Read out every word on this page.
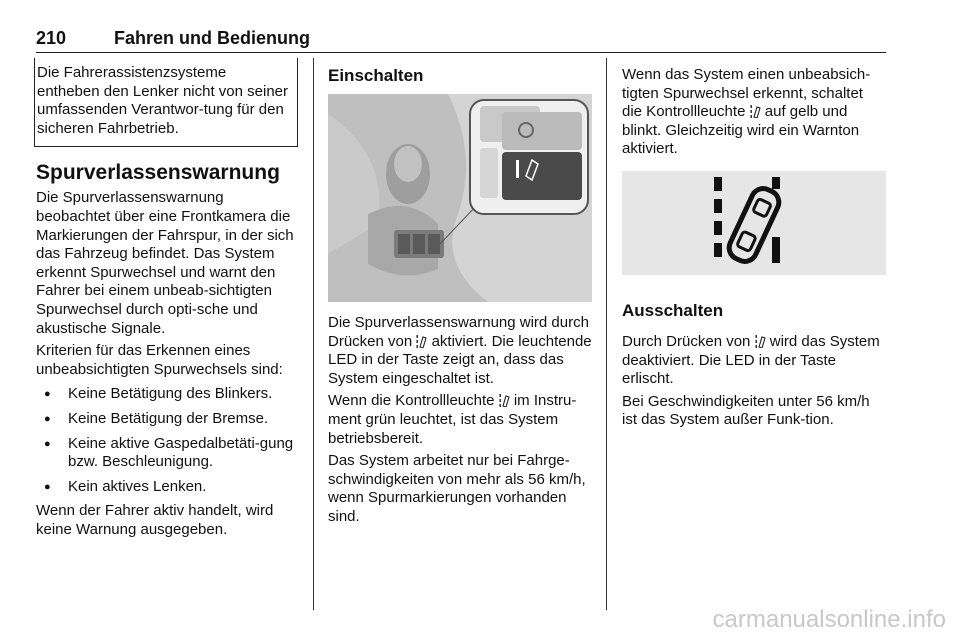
210	Fahren und Bedienung
Die Fahrerassistenzsysteme entheben den Lenker nicht von seiner umfassenden Verantwor-tung für den sicheren Fahrbetrieb.
Spurverlassenswarnung

Die Spurverlassenswarnung beobachtet über eine Frontkamera die Markierungen der Fahrspur, in der sich das Fahrzeug befindet. Das System erkennt Spurwechsel und warnt den Fahrer bei einem unbeab-sichtigten Spurwechsel durch opti-sche und akustische Signale.

Kriterien für das Erkennen eines unbeabsichtigten Spurwechsels sind:

● Keine Betätigung des Blinkers.
● Keine Betätigung der Bremse.
● Keine aktive Gaspedalbetäti-gung bzw. Beschleunigung.
● Kein aktives Lenken.

Wenn der Fahrer aktiv handelt, wird keine Warnung ausgegeben.

Einschalten

Die Spurverlassenswarnung wird durch Drücken von aktiviert. Die leuchtende LED in der Taste zeigt an, dass das System eingeschaltet ist.

Wenn die Kontrollleuchte im Instru-ment grün leuchtet, ist das System betriebsbereit.

Das System arbeitet nur bei Fahrge-schwindigkeiten von mehr als 56 km/h, wenn Spurmarkierungen vorhanden sind.

Wenn das System einen unbeabsich-tigten Spurwechsel erkennt, schaltet die Kontrollleuchte auf gelb und blinkt. Gleichzeitig wird ein Warnton aktiviert.

Ausschalten

Durch Drücken von wird das System deaktiviert. Die LED in der Taste erlischt.

Bei Geschwindigkeiten unter 56 km/h ist das System außer Funk-tion.

carmanualsonline.info
